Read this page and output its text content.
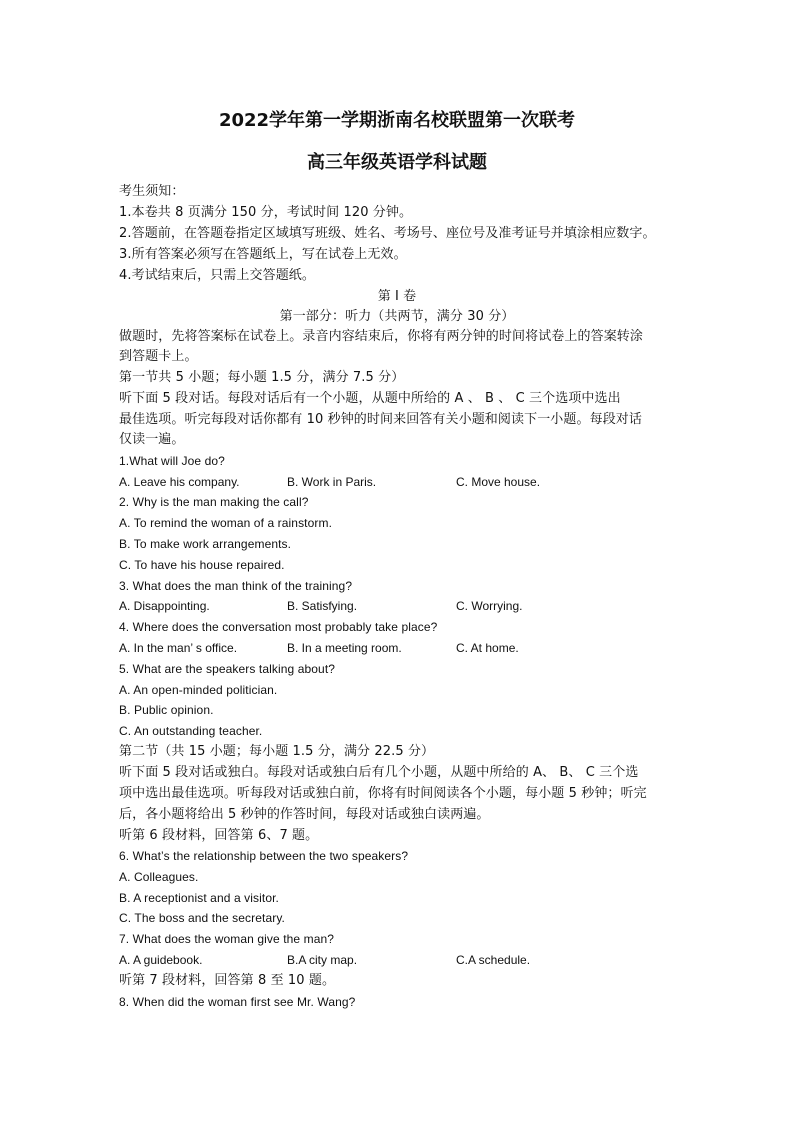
2022学年第一学期浙南名校联盟第一次联考
高三年级英语学科试题
考生须知：
1.本卷共 8 页满分 150 分，考试时间 120 分钟。
2.答题前，在答题卷指定区域填写班级、姓名、考场号、座位号及准考证号并填涂相应数字。
3.所有答案必须写在答题纸上，写在试卷上无效。
4.考试结束后，只需上交答题纸。
第 Ⅰ 卷
第一部分：听力（共两节，满分 30 分）
做题时，先将答案标在试卷上。录音内容结束后，你将有两分钟的时间将试卷上的答案转涂
到答题卡上。
第一节共 5 小题；每小题 1.5 分，满分 7.5 分）
听下面 5 段对话。每段对话后有一个小题，从题中所给的 A 、 B 、 C 三个选项中选出
最佳选项。听完每段对话你都有 10 秒钟的时间来回答有关小题和阅读下一小题。每段对话
仅读一遍。
1.What will Joe do?
A. Leave his company.	B. Work in Paris.	C. Move house.
2. Why is the man making the call?
A. To remind the woman of a rainstorm.
B. To make work arrangements.
C. To have his house repaired.
3. What does the man think of the training?
A. Disappointing.	B. Satisfying.	C. Worrying.
4. Where does the conversation most probably take place?
A. In the man’ s office.	B. In a meeting room.	C. At home.
5. What are the speakers talking about?
A. An open-minded politician.
B. Public opinion.
C. An outstanding teacher.
第二节（共 15 小题；每小题 1.5 分，满分 22.5 分）
听下面 5 段对话或独白。每段对话或独白后有几个小题，从题中所给的 A、 B、 C 三个选
项中选出最佳选项。听每段对话或独白前，你将有时间阅读各个小题，每小题 5 秒钟；听完
后，各小题将给出 5 秒钟的作答时间，每段对话或独白读两遍。
听第 6 段材料，回答第 6、7 题。
6. What’s the relationship between the two speakers?
A. Colleagues.
B. A receptionist and a visitor.
C. The boss and the secretary.
7. What does the woman give the man?
A. A guidebook.	B.A city map.	C.A schedule.
听第 7 段材料，回答第 8 至 10 题。
8. When did the woman first see Mr. Wang?
